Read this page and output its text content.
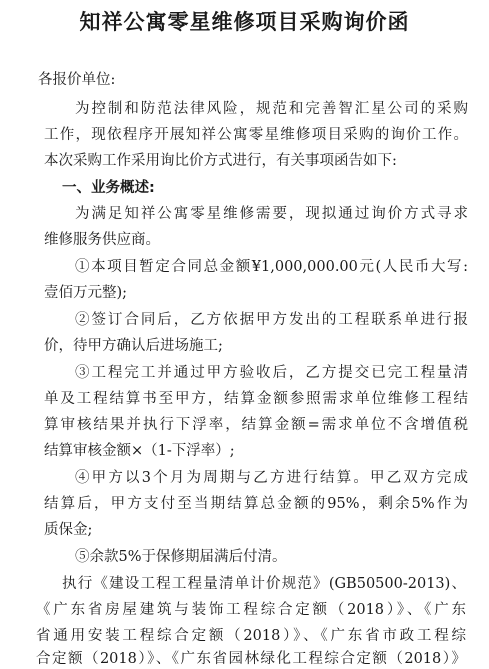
知祥公寓零星维修项目采购询价函
各报价单位:
为控制和防范法律风险，规范和完善智汇星公司的采购
工作，现依程序开展知祥公寓零星维修项目采购的询价工作。
本次采购工作采用询比价方式进行，有关事项函告如下:
一、业务概述:
为满足知祥公寓零星维修需要，现拟通过询价方式寻求
维修服务供应商。
①本项目暂定合同总金额¥1,000,000.00元(人民币大写:
壹佰万元整);
②签订合同后，乙方依据甲方发出的工程联系单进行报
价，待甲方确认后进场施工;
③工程完工并通过甲方验收后，乙方提交已完工程量清
单及工程结算书至甲方，结算金额参照需求单位维修工程结
算审核结果并执行下浮率，结算金额=需求单位不含增值税
结算审核金额×（1-下浮率）;
④甲方以3个月为周期与乙方进行结算。甲乙双方完成
结算后，甲方支付至当期结算总金额的95%，剩余5%作为
质保金;
⑤余款5%于保修期届满后付清。
执行《建设工程工程量清单计价规范》(GB50500-2013)、
《广东省房屋建筑与装饰工程综合定额（2018）》、《广东
省通用安装工程综合定额（2018）》、《广东省市政工程综
合定额（2018）》、《广东省园林绿化工程综合定额（2018）》
